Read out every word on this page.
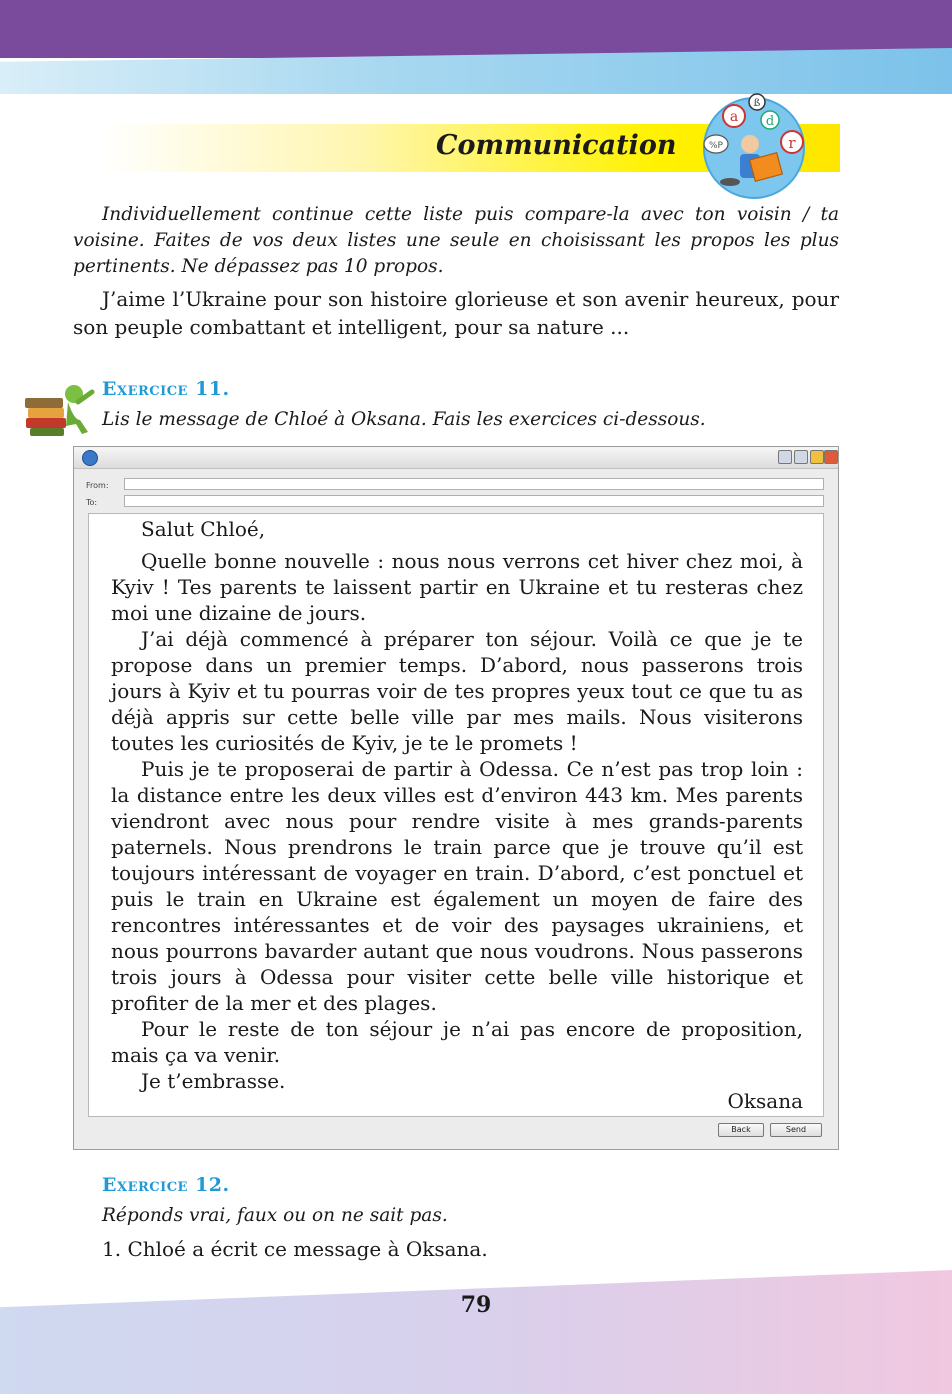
Communication
a
ß
d
r
%P
Individuellement continue cette liste puis compare-la avec ton voisin / ta voisine. Faites de vos deux listes une seule en choisissant les propos les plus pertinents. Ne dépassez pas 10 propos.
J’aime l’Ukraine pour son histoire glorieuse et son avenir heureux, pour son peuple combattant et intelligent, pour sa nature ...
Exercice 11.
Lis le message de Chloé à Oksana. Fais les exercices ci-dessous.
From:
To:

Salut Chloé,

Quelle bonne nouvelle : nous nous verrons cet hiver chez moi, à Kyiv ! Tes parents te laissent partir en Ukraine et tu resteras chez moi une dizaine de jours.

J’ai déjà commencé à préparer ton séjour. Voilà ce que je te propose dans un premier temps. D’abord, nous passerons trois jours à Kyiv et tu pourras voir de tes propres yeux tout ce que tu as déjà appris sur cette belle ville par mes mails. Nous visiterons toutes les curiosités de Kyiv, je te le promets !

Puis je te proposerai de partir à Odessa. Ce n’est pas trop loin : la distance entre les deux villes est d’environ 443 km. Mes parents viendront avec nous pour rendre visite à mes grands-parents paternels. Nous prendrons le train parce que je trouve qu’il est toujours intéressant de voyager en train. D’abord, c’est ponctuel et puis le train en Ukraine est également un moyen de faire des rencontres intéressantes et de voir des paysages ukrainiens, et nous pourrons bavarder autant que nous voudrons. Nous passerons trois jours à Odessa pour visiter cette belle ville historique et profiter de la mer et des plages.

Pour le reste de ton séjour je n’ai pas encore de proposition, mais ça va venir.

Je t’embrasse.

Oksana

Back	Send
Exercice 12.
Réponds vrai, faux ou on ne sait pas.
1. Chloé a écrit ce message à Oksana.
79
